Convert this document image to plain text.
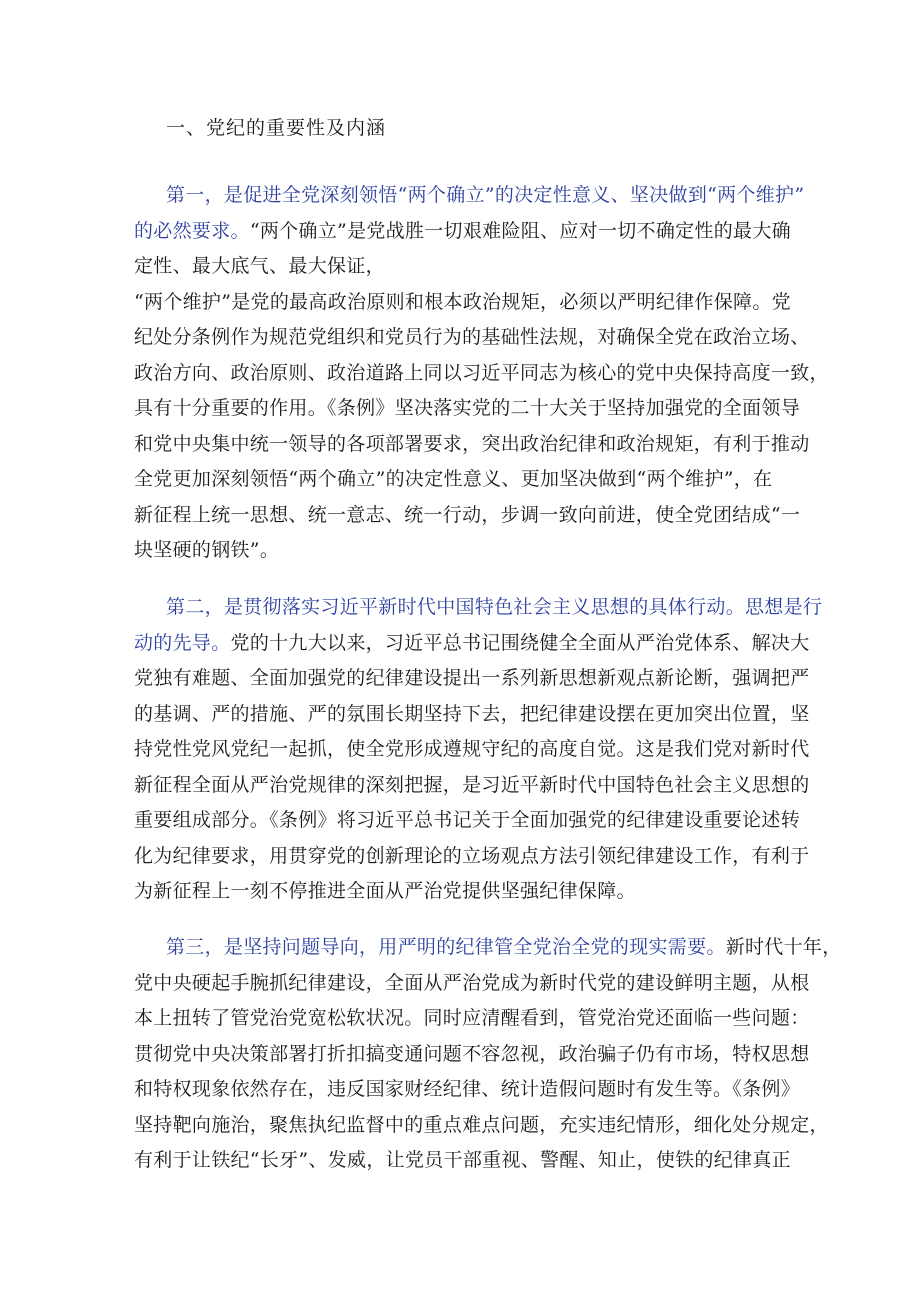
一、党纪的重要性及内涵
第一，是促进全党深刻领悟“两个确立”的决定性意义、坚决做到“两个维护”
的必然要求。“两个确立”是党战胜一切艰难险阻、应对一切不确定性的最大确
定性、最大底气、最大保证，
“两个维护”是党的最高政治原则和根本政治规矩，必须以严明纪律作保障。党
纪处分条例作为规范党组织和党员行为的基础性法规，对确保全党在政治立场、
政治方向、政治原则、政治道路上同以习近平同志为核心的党中央保持高度一致，
具有十分重要的作用。《条例》坚决落实党的二十大关于坚持加强党的全面领导
和党中央集中统一领导的各项部署要求，突出政治纪律和政治规矩，有利于推动
全党更加深刻领悟“两个确立”的决定性意义、更加坚决做到“两个维护”，在
新征程上统一思想、统一意志、统一行动，步调一致向前进，使全党团结成“一
块坚硬的钢铁”。
第二，是贯彻落实习近平新时代中国特色社会主义思想的具体行动。思想是行
动的先导。党的十九大以来，习近平总书记围绕健全全面从严治党体系、解决大
党独有难题、全面加强党的纪律建设提出一系列新思想新观点新论断，强调把严
的基调、严的措施、严的氛围长期坚持下去，把纪律建设摆在更加突出位置，坚
持党性党风党纪一起抓，使全党形成遵规守纪的高度自觉。这是我们党对新时代
新征程全面从严治党规律的深刻把握，是习近平新时代中国特色社会主义思想的
重要组成部分。《条例》将习近平总书记关于全面加强党的纪律建设重要论述转
化为纪律要求，用贯穿党的创新理论的立场观点方法引领纪律建设工作，有利于
为新征程上一刻不停推进全面从严治党提供坚强纪律保障。
第三，是坚持问题导向，用严明的纪律管全党治全党的现实需要。新时代十年，
党中央硬起手腕抓纪律建设，全面从严治党成为新时代党的建设鲜明主题，从根
本上扭转了管党治党宽松软状况。同时应清醒看到，管党治党还面临一些问题：
贯彻党中央决策部署打折扣搞变通问题不容忽视，政治骗子仍有市场，特权思想
和特权现象依然存在，违反国家财经纪律、统计造假问题时有发生等。《条例》
坚持靶向施治，聚焦执纪监督中的重点难点问题，充实违纪情形，细化处分规定，
有利于让铁纪“长牙”、发威，让党员干部重视、警醒、知止，使铁的纪律真正
